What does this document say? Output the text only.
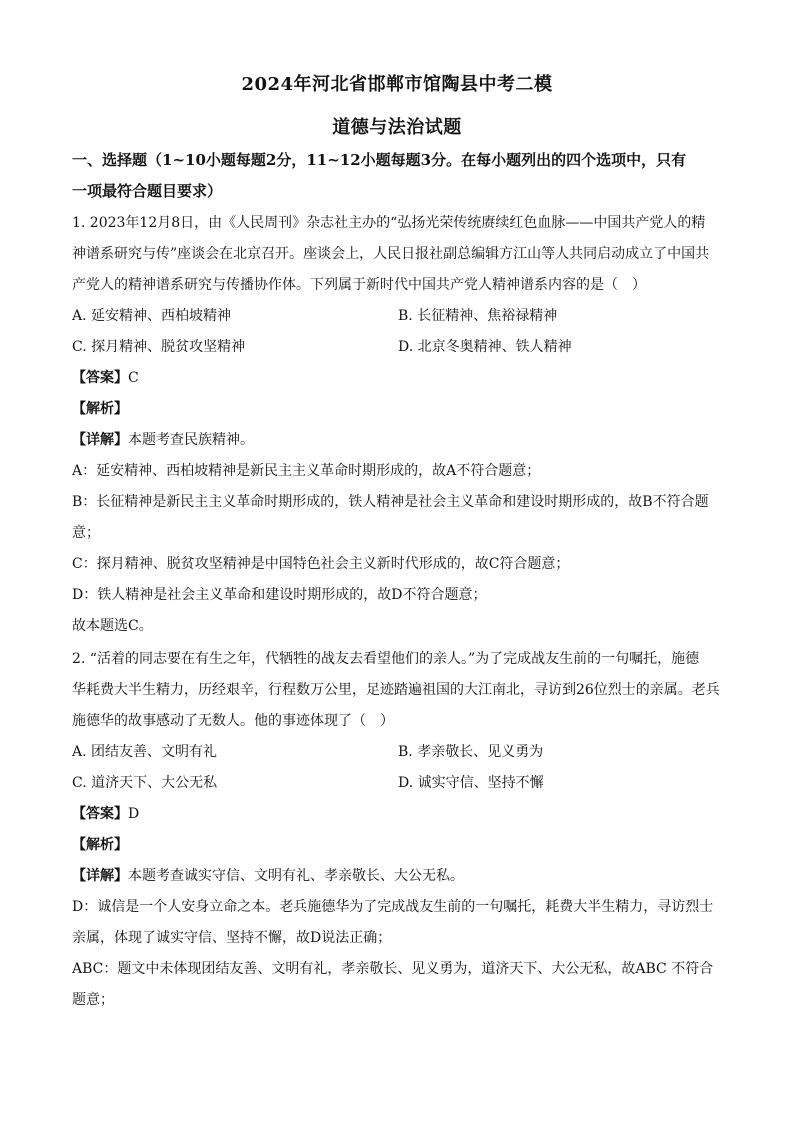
2024年河北省邯郸市馆陶县中考二模
道德与法治试题
一、选择题（1~10小题每题2分，11~12小题每题3分。在每小题列出的四个选项中，只有
一项最符合题目要求）
1. 2023年12月8日，由《人民周刊》杂志社主办的“弘扬光荣传统赓续红色血脉——中国共产党人的精
神谱系研究与传”座谈会在北京召开。座谈会上，人民日报社副总编辑方江山等人共同启动成立了中国共
产党人的精神谱系研究与传播协作体。下列属于新时代中国共产党人精神谱系内容的是（　）
A. 延安精神、西柏坡精神	B. 长征精神、焦裕禄精神
C. 探月精神、脱贫攻坚精神	D. 北京冬奥精神、铁人精神
【答案】C
【解析】
【详解】本题考查民族精神。
A：延安精神、西柏坡精神是新民主主义革命时期形成的，故A不符合题意；
B：长征精神是新民主主义革命时期形成的，铁人精神是社会主义革命和建设时期形成的，故B不符合题
意；
C：探月精神、脱贫攻坚精神是中国特色社会主义新时代形成的，故C符合题意；
D：铁人精神是社会主义革命和建设时期形成的，故D不符合题意；
故本题选C。
2. “活着的同志要在有生之年，代牺牲的战友去看望他们的亲人。”为了完成战友生前的一句嘱托，施德
华耗费大半生精力，历经艰辛，行程数万公里，足迹踏遍祖国的大江南北，寻访到26位烈士的亲属。老兵
施德华的故事感动了无数人。他的事迹体现了（　）
A. 团结友善、文明有礼	B. 孝亲敬长、见义勇为
C. 道济天下、大公无私	D. 诚实守信、坚持不懈
【答案】D
【解析】
【详解】本题考查诚实守信、文明有礼、孝亲敬长、大公无私。
D：诚信是一个人安身立命之本。老兵施德华为了完成战友生前的一句嘱托，耗费大半生精力，寻访烈士
亲属，体现了诚实守信、坚持不懈，故D说法正确；
ABC：题文中未体现团结友善、文明有礼，孝亲敬长、见义勇为，道济天下、大公无私，故ABC 不符合
题意；
